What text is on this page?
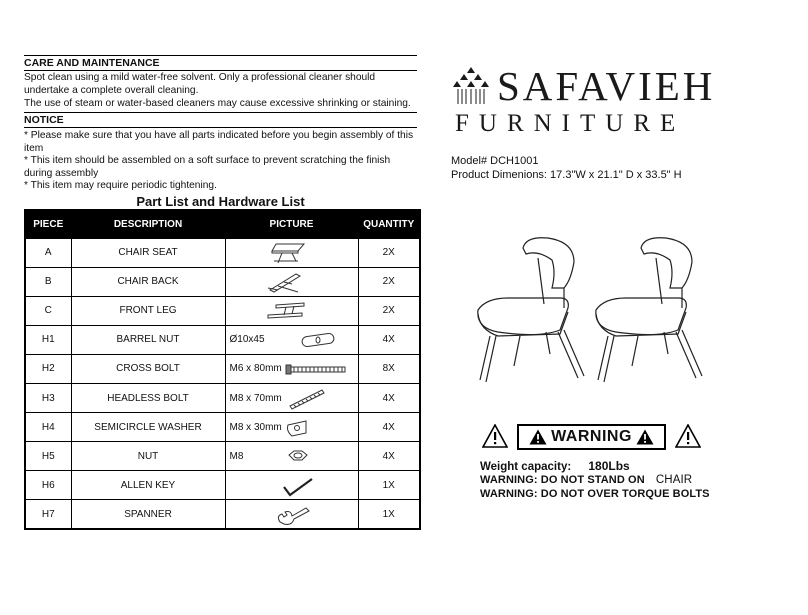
CARE AND MAINTENANCE
Spot clean using a mild water-free solvent. Only a professional cleaner should undertake a complete overall cleaning.
The use of steam or water-based cleaners may cause excessive shrinking or staining.
NOTICE
* Please make sure that you have all parts indicated before you begin assembly of this item
* This item should be assembled on a soft surface to prevent scratching the finish during assembly
* This item may require periodic tightening.
Part List and Hardware List
PIECE	DESCRIPTION	PICTURE	QUANTITY
A	CHAIR SEAT		2X
B	CHAIR BACK		2X
C	FRONT LEG		2X
H1	BARREL NUT	Ø10x45	4X
H2	CROSS BOLT	M6 x 80mm	8X
H3	HEADLESS BOLT	M8 x 70mm	4X
H4	SEMICIRCLE WASHER	M8 x 30mm	4X
H5	NUT	M8	4X
H6	ALLEN KEY		1X
H7	SPANNER		1X
SAFAVIEH
FURNITURE
Model# DCH1001
Product Dimenions: 17.3"W x 21.1" D x 33.5" H
WARNING
Weight capacity: 180Lbs
WARNING: DO NOT STAND ON CHAIR
WARNING: DO NOT OVER TORQUE BOLTS
